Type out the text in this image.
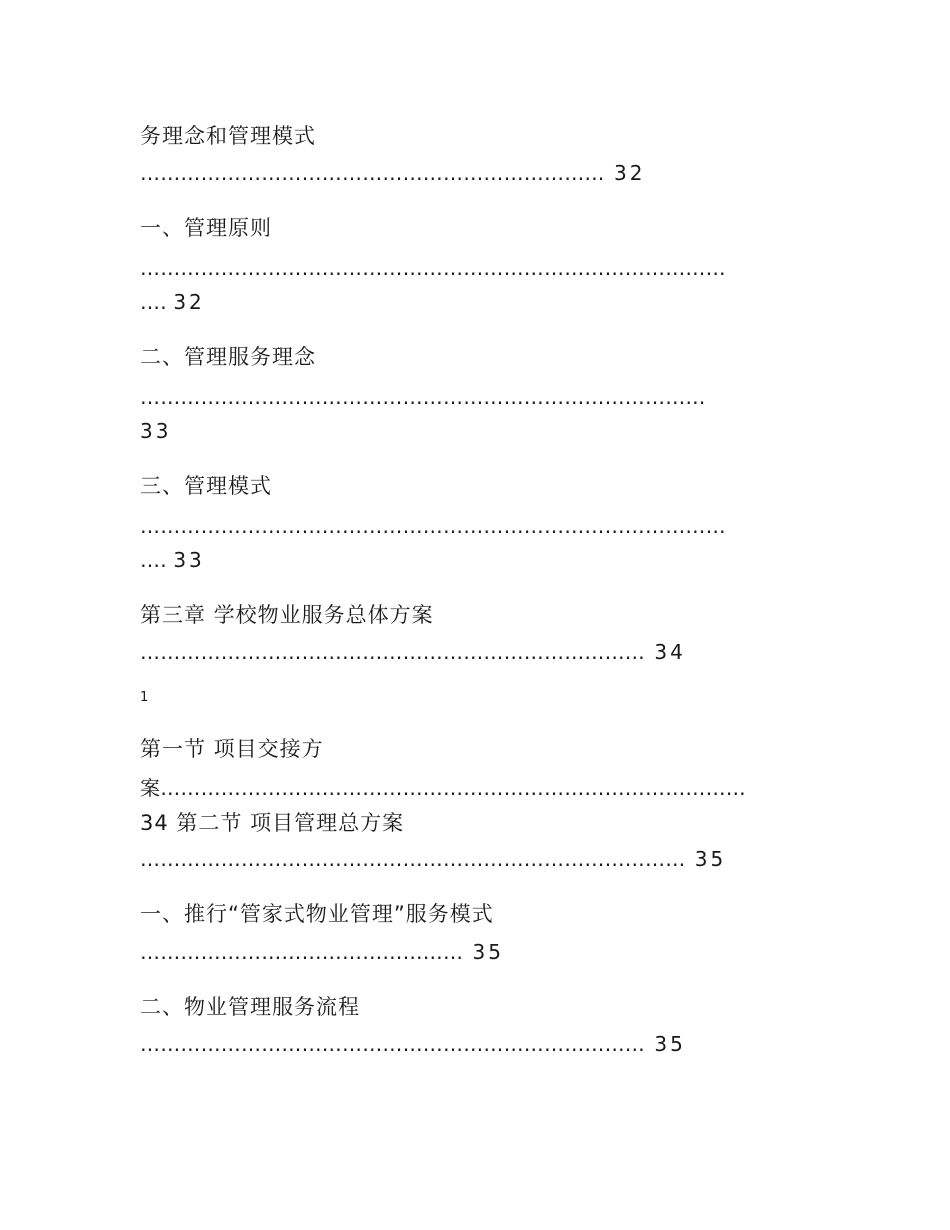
务理念和管理模式
…………………………………………………………… 32
一、管理原则
……………………………………………………………………………
…. 32
二、管理服务理念
…………………………………………………………………………
33
三、管理模式
……………………………………………………………………………
…. 33
第三章 学校物业服务总体方案
………………………………………………………………… 34
1
第一节 项目交接方
案……………………………………………………………………………
34 第二节 项目管理总方案
……………………………………………………………………… 35
一、推行“管家式物业管理”服务模式
………………………………………… 35
二、物业管理服务流程
………………………………………………………………… 35
